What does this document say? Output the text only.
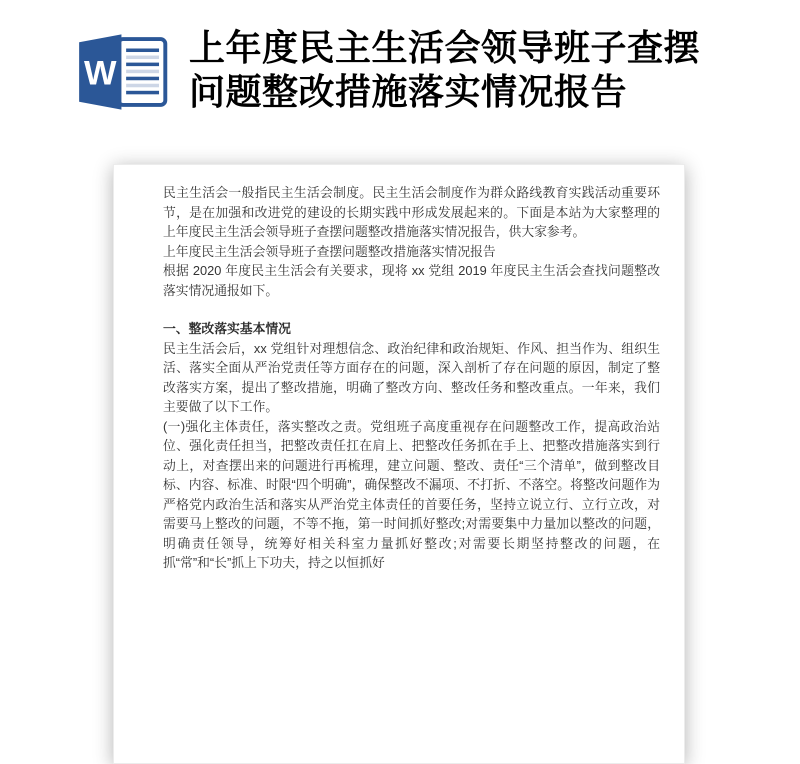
W
上年度民主生活会领导班子查摆
问题整改措施落实情况报告

民主生活会一般指民主生活会制度。民主生活会制度作为群众路线教育实践活动重要环节，是在加强和改进党的建设的长期实践中形成发展起来的。下面是本站为大家整理的上年度民主生活会领导班子查摆问题整改措施落实情况报告，供大家参考。

上年度民主生活会领导班子查摆问题整改措施落实情况报告

根据 2020 年度民主生活会有关要求，现将 xx 党组 2019 年度民主生活会查找问题整改落实情况通报如下。

一、整改落实基本情况

民主生活会后，xx 党组针对理想信念、政治纪律和政治规矩、作风、担当作为、组织生活、落实全面从严治党责任等方面存在的问题，深入剖析了存在问题的原因，制定了整改落实方案，提出了整改措施，明确了整改方向、整改任务和整改重点。一年来，我们主要做了以下工作。

(一)强化主体责任，落实整改之责。党组班子高度重视存在问题整改工作，提高政治站位、强化责任担当，把整改责任扛在肩上、把整改任务抓在手上、把整改措施落实到行动上，对查摆出来的问题进行再梳理，建立问题、整改、责任“三个清单”，做到整改目标、内容、标准、时限“四个明确”，确保整改不漏项、不打折、不落空。将整改问题作为严格党内政治生活和落实从严治党主体责任的首要任务，坚持立说立行、立行立改，对需要马上整改的问题，不等不拖，第一时间抓好整改;对需要集中力量加以整改的问题，明确责任领导，统筹好相关科室力量抓好整改;对需要长期坚持整改的问题，在抓“常”和“长”抓上下功夫，持之以恒抓好
